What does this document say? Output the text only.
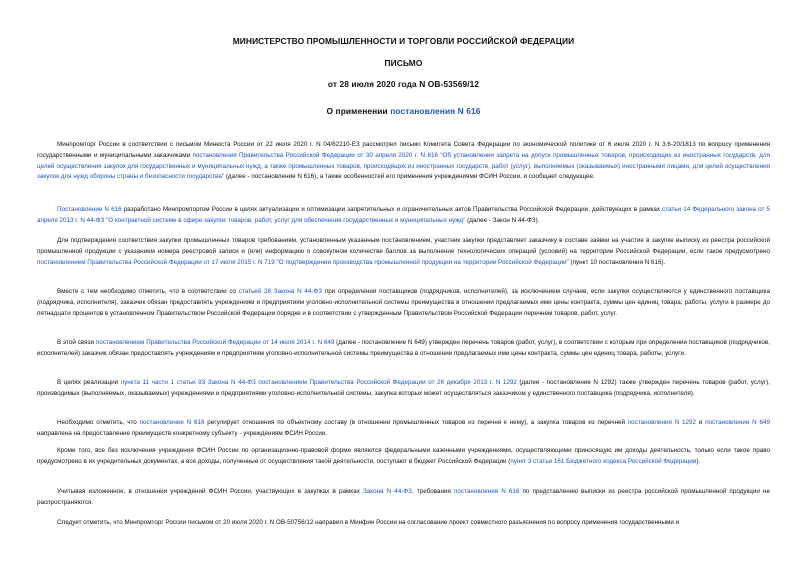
МИНИСТЕРСТВО ПРОМЫШЛЕННОСТИ И ТОРГОВЛИ РОССИЙСКОЙ ФЕДЕРАЦИИ
ПИСЬМО
от 28 июля 2020 года N ОВ-53569/12
О применении постановления N 616

Минпромторг России в соответствии с письмом Минюста России от 22 июля 2020 г. N 04/82210-ЕЗ рассмотрел письмо Комитета Совета Федерации по экономической политике от 6 июля 2020 г. N 3.6-20/1813 по вопросу применения государственными и муниципальными заказчиками постановления Правительства Российской Федерации от 30 апреля 2020 г. N 616 "Об установлении запрета на допуск промышленных товаров, происходящих из иностранных государств, для целей осуществления закупок для государственных и муниципальных нужд, а также промышленных товаров, происходящих из иностранных государств, работ (услуг), выполняемых (оказываемых) иностранными лицами, для целей осуществления закупок для нужд обороны страны и безопасности государства" (далее - постановление N 616), а также особенностей его применения учреждениями ФСИН России, и сообщает следующее.

Постановление N 616 разработано Минпромторгом России в целях актуализации и оптимизации запретительных и ограничительных актов Правительства Российской Федерации, действующих в рамках статьи 14 Федерального закона от 5 апреля 2013 г. N 44-ФЗ "О контрактной системе в сфере закупок товаров, работ, услуг для обеспечения государственных и муниципальных нужд" (далее - Закон N 44-ФЗ).

Для подтверждения соответствия закупки промышленных товаров требованиям, установленным указанным постановлением, участник закупки представляет заказчику в составе заявки на участие в закупке выписку из реестра российской промышленной продукции с указанием номера реестровой записи и (или) информацию о совокупном количестве баллов за выполнение технологических операций (условий) на территории Российской Федерации, если такое предусмотрено постановлением Правительства Российской Федерации от 17 июля 2015 г. N 719 "О подтверждении производства промышленной продукции на территории Российской Федерации" (пункт 10 постановления N 616).

Вместе с тем необходимо отметить, что в соответствии со статьей 28 Закона N 44-ФЗ при определении поставщиков (подрядчиков, исполнителей), за исключением случаев, если закупки осуществляются у единственного поставщика (подрядчика, исполнителя), заказчик обязан предоставлять учреждениям и предприятиям уголовно-исполнительной системы преимущества в отношении предлагаемых ими цены контракта, суммы цен единиц товара, работы, услуги в размере до пятнадцати процентов в установленном Правительством Российской Федерации порядке и в соответствии с утвержденным Правительством Российской Федерации перечнем товаров, работ, услуг.

В этой связи постановлением Правительства Российской Федерации от 14 июля 2014 г. N 649 (далее - постановление N 649) утвержден перечень товаров (работ, услуг), в соответствии с которым при определении поставщиков (подрядчиков, исполнителей) заказчик обязан предоставлять учреждениям и предприятиям уголовно-исполнительной системы преимущества в отношении предлагаемых ими цены контракта, суммы цен единиц товара, работы, услуги.

В целях реализации пункта 11 части 1 статьи 93 Закона N 44-ФЗ постановлением Правительства Российской Федерации от 26 декабря 2013 г. N 1292 (далее - постановление N 1292) также утвержден перечень товаров (работ, услуг), производимых (выполняемых, оказываемых) учреждениями и предприятиями уголовно-исполнительной системы, закупка которых может осуществляться заказчиком у единственного поставщика (подрядчика, исполнителя).

Необходимо отметить, что постановление N 616 регулирует отношения по объектному составу (в отношении промышленных товаров из перечня к нему), а закупка товаров из перечней постановления N 1292 и постановления N 649 направлена на предоставление преимуществ конкретному субъекту - учреждениям ФСИН России.

Кроме того, все без исключения учреждения ФСИН России по организационно-правовой форме являются федеральными казенными учреждениями, осуществляющими приносящую им доходы деятельность, только если такое право предусмотрено в их учредительных документах, а все доходы, полученные от осуществления такой деятельности, поступают в бюджет Российской Федерации (пункт 3 статьи 161 Бюджетного кодекса Российской Федерации).

Учитывая изложенное, в отношении учреждений ФСИН России, участвующих в закупках в рамках Закона N 44-ФЗ, требования постановления N 616 по представлению выписки из реестра российской промышленной продукции не распространяются.

Следует отметить, что Минпромторг России письмом от 20 июля 2020 г. N ОВ-50756/12 направил в Минфин России на согласование проект совместного разъяснения по вопросу применения государственными и
